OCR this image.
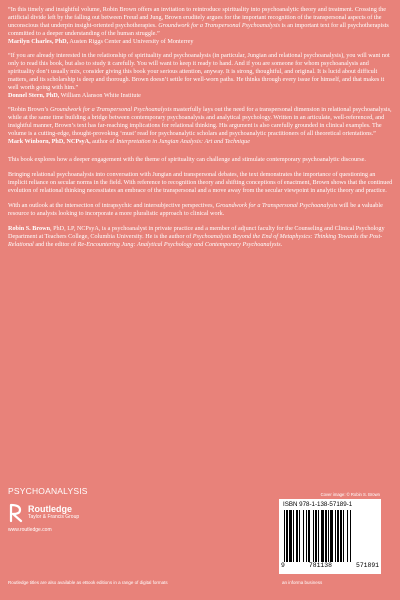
“In this timely and insightful volume, Robin Brown offers an invitation to reintroduce spirituality into psychoanalytic theory and treatment. Crossing the artificial divide left by the falling out between Freud and Jung, Brown eruditely argues for the important recognition of the transpersonal aspects of the unconscious that underpin insight-oriented psychotherapies. Groundwork for a Transpersonal Psychoanalysis is an important text for all psychotherapists committed to a deeper understanding of the human struggle.”

Marilyn Charles, PhD, Austen Riggs Center and University of Monterrey

“If you are already interested in the relationship of spirituality and psychoanalysis (in particular, Jungian and relational psychoanalysis), you will want not only to read this book, but also to study it carefully. You will want to keep it ready to hand. And if you are someone for whom psychoanalysis and spirituality don’t usually mix, consider giving this book your serious attention, anyway. It is strong, thoughtful, and original. It is lucid about difficult matters, and its scholarship is deep and thorough. Brown doesn’t settle for well-worn paths. He thinks through every issue for himself, and that makes it well worth going with him.”

Donnel Stern, PhD, William Alanson White Institute

“Robin Brown’s Groundwork for a Transpersonal Psychoanalysis masterfully lays out the need for a transpersonal dimension in relational psychoanalysis, while at the same time building a bridge between contemporary psychoanalysis and analytical psychology. Written in an articulate, well-referenced, and insightful manner, Brown’s text has far-reaching implications for relational thinking. His argument is also carefully grounded in clinical examples. The volume is a cutting-edge, thought-provoking ‘must’ read for psychoanalytic scholars and psychoanalytic practitioners of all theoretical orientations.”

Mark Winborn, PhD, NCPsyA, author of Interpretation in Jungian Analysis: Art and Technique

This book explores how a deeper engagement with the theme of spirituality can challenge and stimulate contemporary psychoanalytic discourse.

Bringing relational psychoanalysis into conversation with Jungian and transpersonal debates, the text demonstrates the importance of questioning an implicit reliance on secular norms in the field. With reference to recognition theory and shifting conceptions of enactment, Brown shows that the continued evolution of relational thinking necessitates an embrace of the transpersonal and a move away from the secular viewpoint in analytic theory and practice.

With an outlook at the intersection of intrapsychic and intersubjective perspectives, Groundwork for a Transpersonal Psychoanalysis will be a valuable resource to analysts looking to incorporate a more pluralistic approach to clinical work.

Robin S. Brown, PhD, LP, NCPsyA, is a psychoanalyst in private practice and a member of adjunct faculty for the Counseling and Clinical Psychology Department at Teachers College, Columbia University. He is the author of Psychoanalysis Beyond the End of Metaphysics: Thinking Towards the Post-Relational and the editor of Re-Encountering Jung: Analytical Psychology and Contemporary Psychoanalysis.

PSYCHOANALYSIS
Routledge
Taylor & Francis Group
www.routledge.com
Routledge titles are also available as eBook editions in a range of digital formats
Cover image: © Robin S. Brown
ISBN 978-1-138-57189-1
9	781138	571891
an informa business
